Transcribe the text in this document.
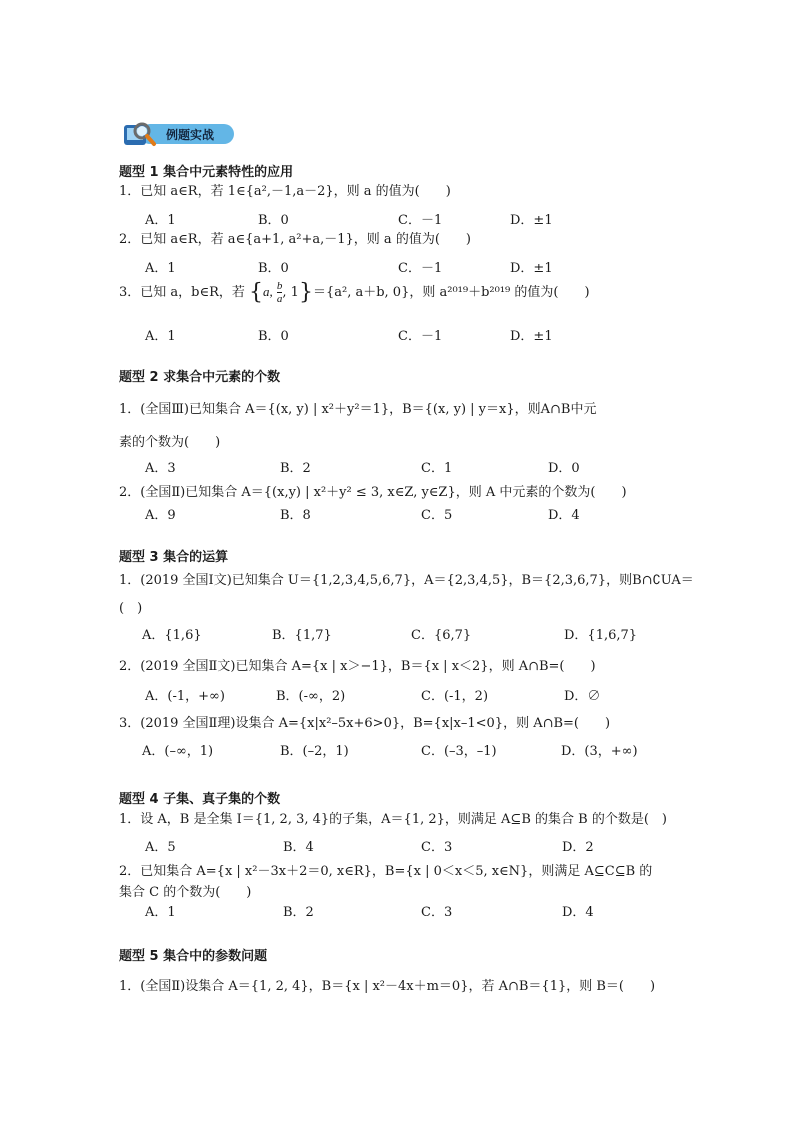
例题实战
题型 1 集合中元素特性的应用
1．已知 a∈R，若 1∈{a²,－1,a－2}，则 a 的值为(　　)
A．1	B．0	C．－1	D．±1
2．已知 a∈R，若 a∈{a+1, a²+a,－1}，则 a 的值为(　　)
A．1	B．0	C．－1	D．±1
3．已知 a，b∈R，若 {a, $\frac{b}{a}$ , 1}＝{a², a＋b, 0}，则 a²⁰¹⁹＋b²⁰¹⁹ 的值为(　　)
A．1	B．0	C．－1	D．±1
题型 2 求集合中元素的个数
1．(全国Ⅲ)已知集合 A＝{(x, y) | x²＋y²＝1}，B＝{(x, y) | y＝x}，则A∩B中元
素的个数为(　　)
A．3	B．2	C．1	D．0
2．(全国Ⅱ)已知集合 A＝{(x,y) | x²＋y² ≤ 3, x∈Z, y∈Z}，则 A 中元素的个数为(　　)
A．9	B．8	C．5	D．4
题型 3 集合的运算
1．(2019 全国Ⅰ文)已知集合 U＝{1,2,3,4,5,6,7}，A＝{2,3,4,5}，B＝{2,3,6,7}，则B∩∁UA＝
(　)
A．{1,6}	B．{1,7}	C．{6,7}	D．{1,6,7}
2．(2019 全国Ⅱ文)已知集合 A={x | x＞−1}，B＝{x | x＜2}，则 A∩B=(　　)
A．(-1，+∞)	B．(-∞，2)	C．(-1，2)	D．∅
3．(2019 全国Ⅱ理)设集合 A={x|x²–5x+6>0}，B={x|x–1<0}，则 A∩B=(　　)
A．(–∞，1)	B．(–2，1)	C．(–3，–1)	D．(3，+∞)
题型 4 子集、真子集的个数
1．设 A，B 是全集 I＝{1, 2, 3, 4}的子集，A＝{1, 2}，则满足 A⊆B 的集合 B 的个数是(　)
A．5	B．4	C．3	D．2
2．已知集合 A={x | x²－3x＋2＝0, x∈R}，B={x | 0＜x＜5, x∈N}，则满足 A⊆C⊆B 的
集合 C 的个数为(　　)
A．1	B．2	C．3	D．4
题型 5 集合中的参数问题
1．(全国Ⅱ)设集合 A＝{1, 2, 4}，B＝{x | x²－4x＋m＝0}，若 A∩B＝{1}，则 B＝(　　)
